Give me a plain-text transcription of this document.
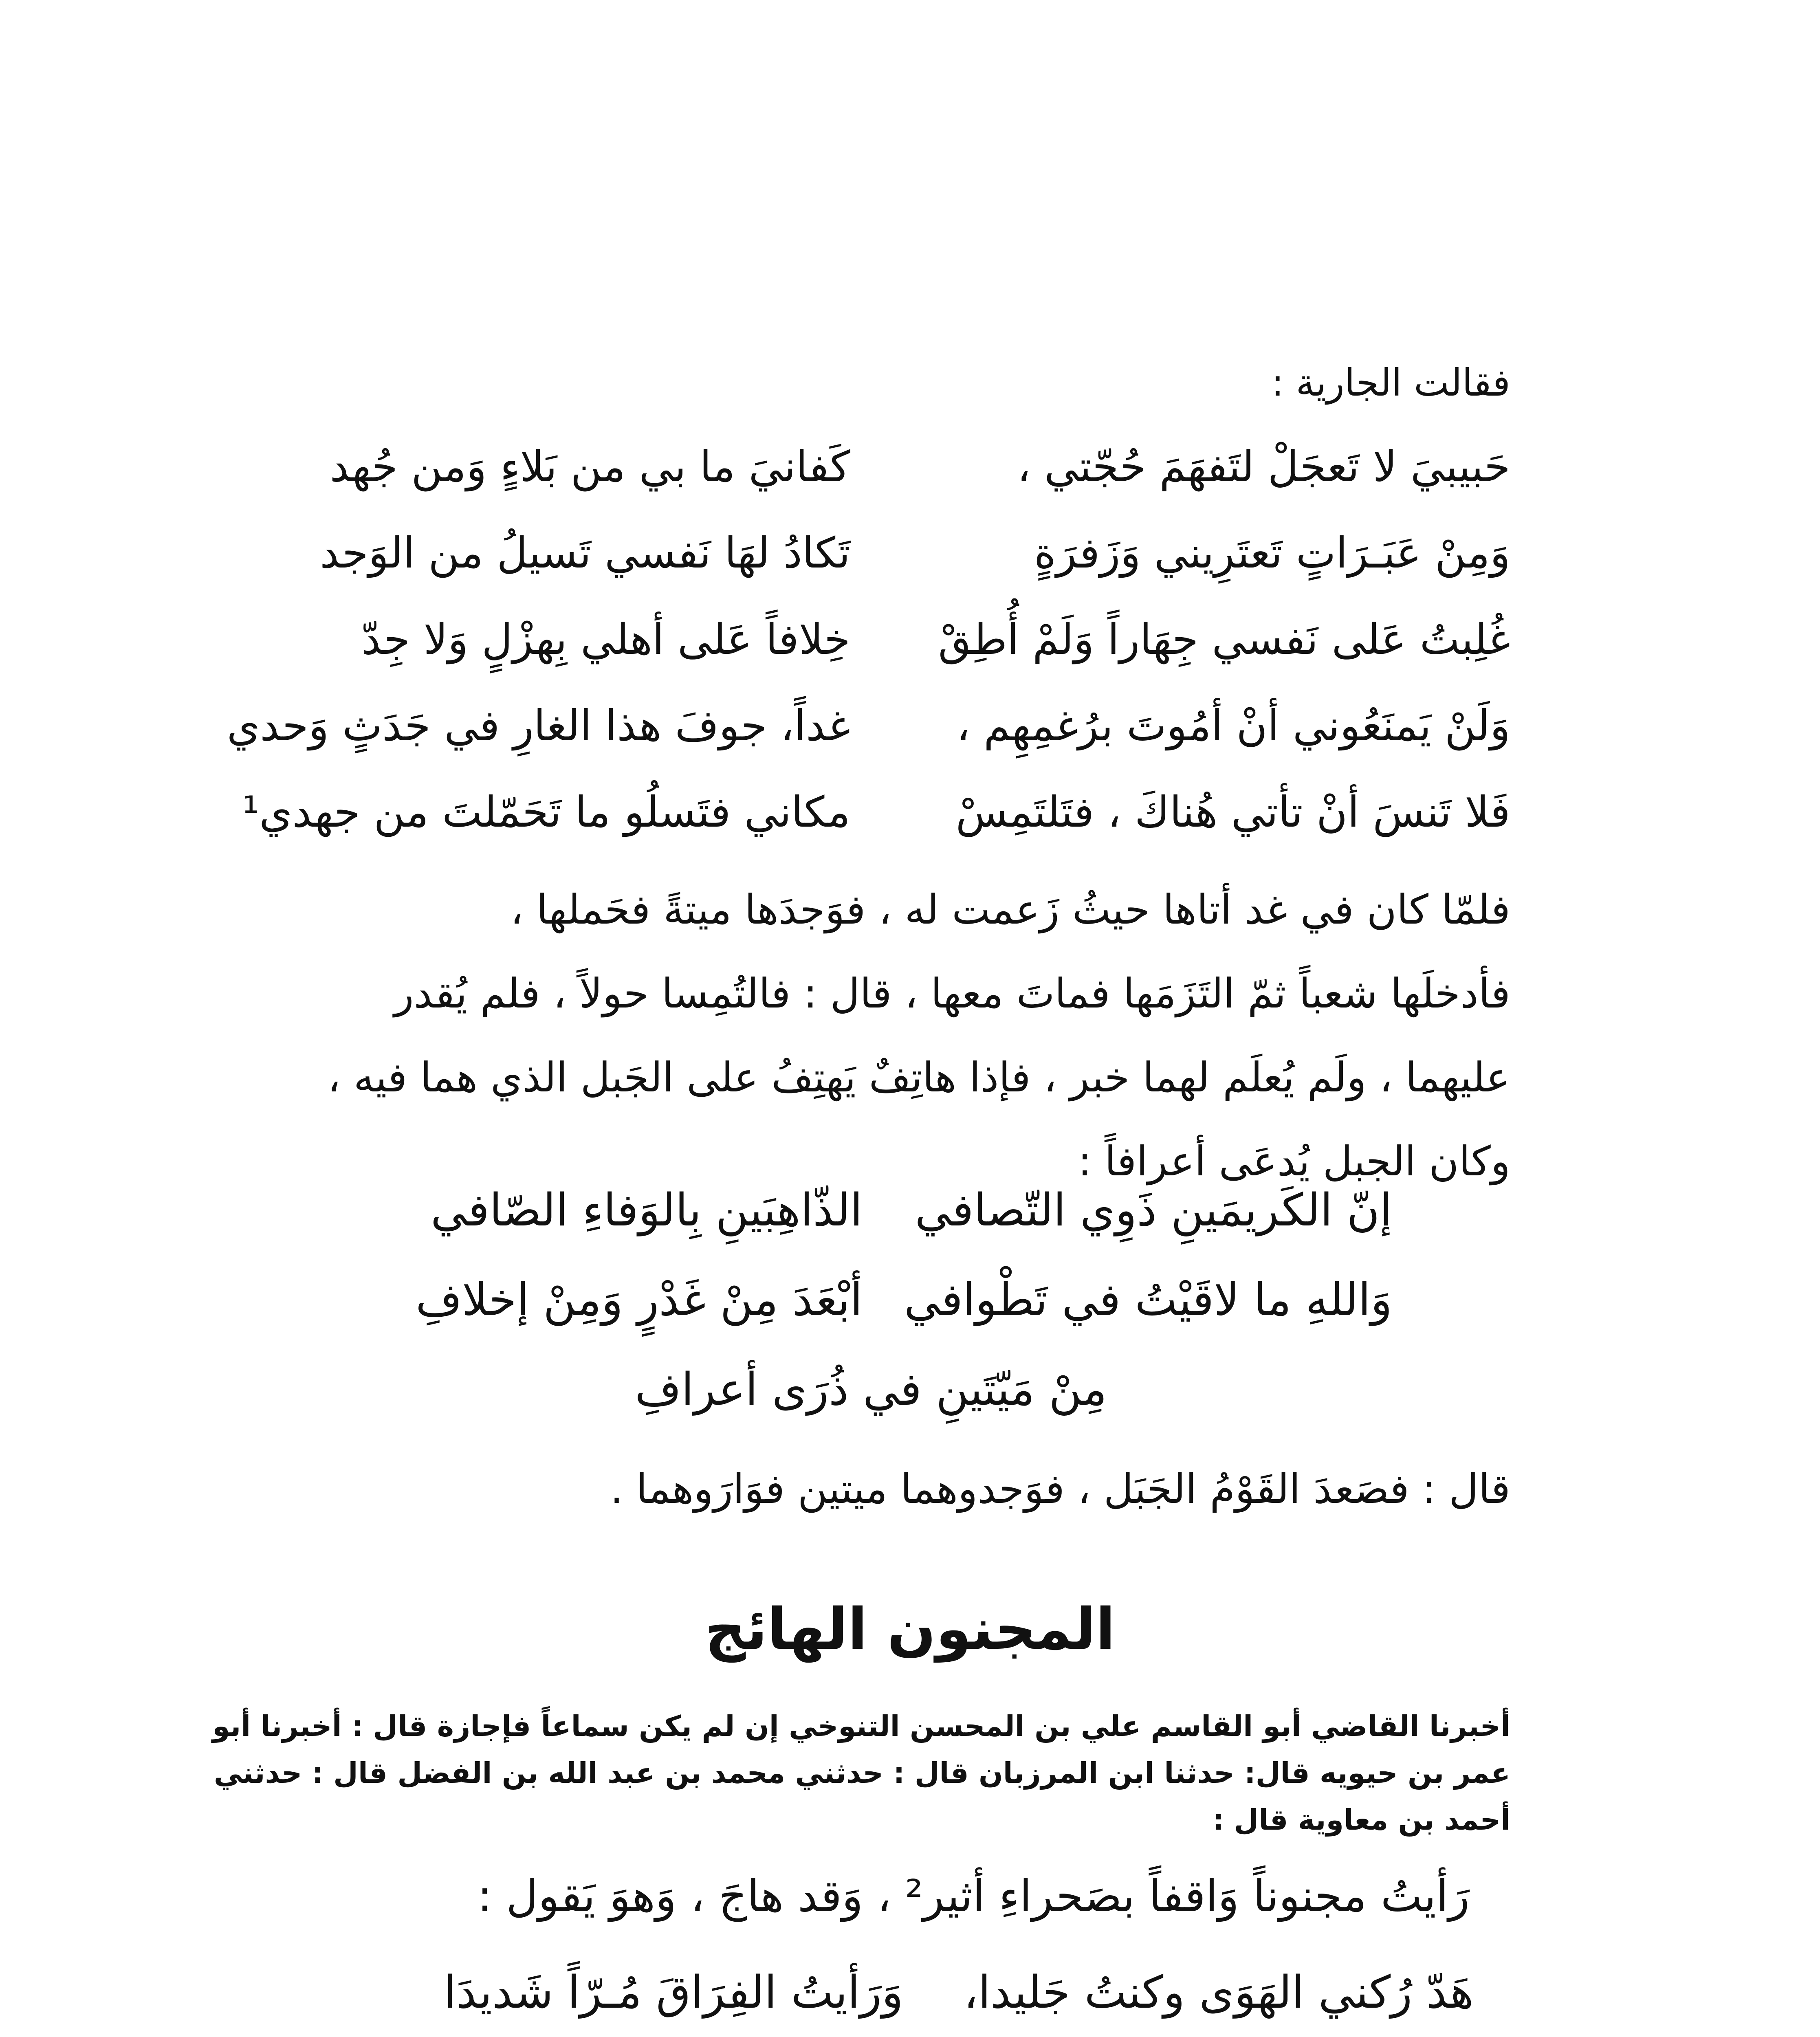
فقالت الجارية :
حَبيبيَ لا تَعجَلْ لتَفهَمَ حُجّتي ،
كَفانيَ ما بي من بَلاءٍ وَمن جُهد
وَمِنْ عَبَـرَاتٍ تَعتَرِيني وَزَفرَةٍ
تَكادُ لهَا نَفسي تَسيلُ من الوَجد
غُلِبتُ عَلى نَفسي جِهَاراً وَلَمْ أُطِقْ
خِلافاً عَلى أهلي بِهزْلٍ وَلا جِدّ
وَلَنْ يَمنَعُوني أنْ أمُوتَ برُغمِهِم ،
غداً، جوفَ هذا الغارِ في جَدَثٍ وَحدي
فَلا تَنسَ أنْ تأتي هُناكَ ، فتَلتَمِسْ
مكاني فتَسلُو ما تَحَمّلتَ من جهدي¹
فلمّا كان في غد أتاها حيثُ زَعمت له ، فوَجدَها ميتةً فحَملها ،
فأدخلَها شعباً ثمّ التَزَمَها فماتَ معها ، قال : فالتُمِسا حولاً ، فلم يُقدر
عليهما ، ولَم يُعلَم لهما خبر ، فإذا هاتِفٌ يَهتِفُ على الجَبل الذي هما فيه ،
وكان الجبل يُدعَى أعرافاً :
إنّ الكَريمَينِ ذَوِي التّصافي
الذّاهِبَينِ بِالوَفاءِ الصّافي
وَاللهِ ما لاقَيْتُ في تَطْوافي
أبْعَدَ مِنْ غَدْرٍ وَمِنْ إخلافِ
مِنْ مَيّتَينِ في ذُرَى أعرافِ
قال : فصَعدَ القَوْمُ الجَبَل ، فوَجدوهما ميتين فوَارَوهما .
المجنون الهائج
أخبرنا القاضي أبو القاسم علي بن المحسن التنوخي إن لم يكن سماعاً فإجازة قال : أخبرنا أبو
عمر بن حيويه قال: حدثنا ابن المرزبان قال : حدثني محمد بن عبد الله بن الفضل قال : حدثني
أحمد بن معاوية قال :
رَأيتُ مجنوناً وَاقفاً بصَحراءِ أثير² ، وَقد هاجَ ، وَهوَ يَقول :
هَدّ رُكني الهَوَى وكنتُ جَليدا،
وَرَأيتُ الفِرَاقَ مُـرّاً شَديدَا
